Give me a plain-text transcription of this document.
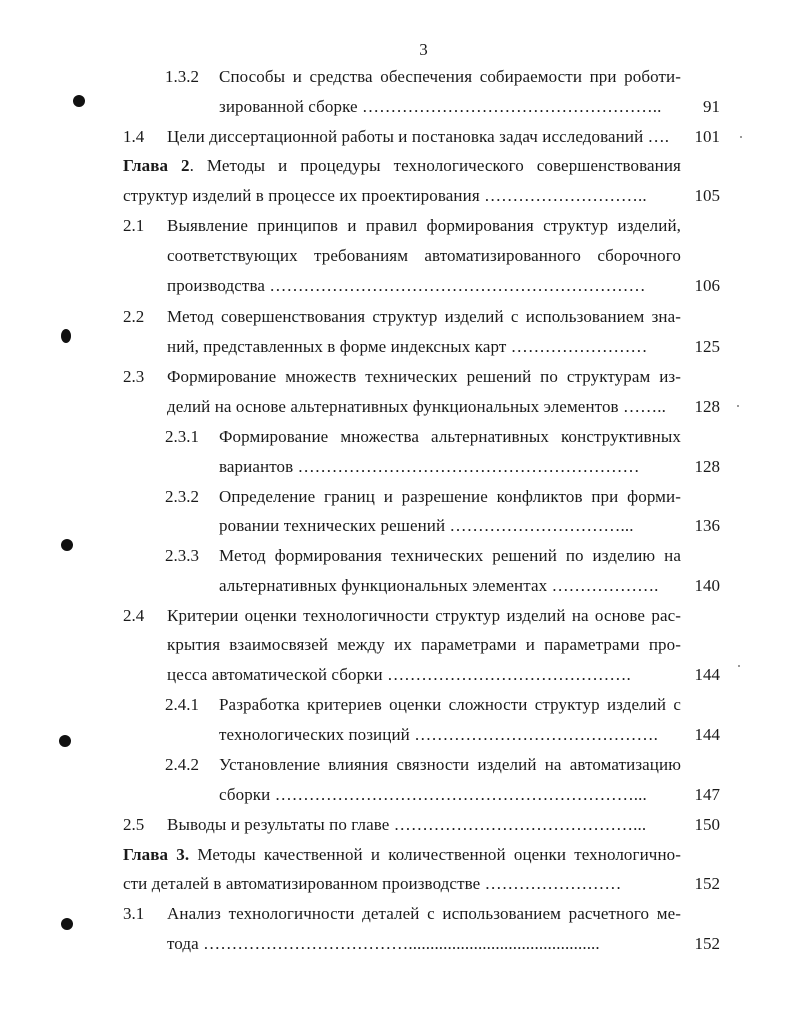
3
1.3.2 Способы и средства обеспечения собираемости при роботи-
зированной сборке ……………………………………………..	91
1.4 Цели диссертационной работы и постановка задач исследований ….	101
Глава 2. Методы и процедуры технологического совершенствования
структур изделий в процессе их проектирования ………………………..	105
2.1 Выявление принципов и правил формирования структур изделий,
соответствующих требованиям автоматизированного сборочного
производства …………………………………………………………	106
2.2 Метод совершенствования структур изделий с использованием зна-
ний, представленных в форме индексных карт ……………………	125
2.3 Формирование множеств технических решений по структурам из-
делий на основе альтернативных функциональных элементов ……..	128
2.3.1 Формирование множества альтернативных конструктивных
вариантов ……………………………………………………	128
2.3.2 Определение границ и разрешение конфликтов при форми-
ровании технических решений …………………………...	136
2.3.3 Метод формирования технических решений по изделию на
альтернативных функциональных элементах ……………….	140
2.4 Критерии оценки технологичности структур изделий на основе рас-
крытия взаимосвязей между их параметрами и параметрами про-
цесса автоматической сборки …………………………………….	144
2.4.1 Разработка критериев оценки сложности структур изделий с
технологических позиций …………………………………….	144
2.4.2 Установление влияния связности изделий на автоматизацию
сборки ………………………………………………………...	147
2.5 Выводы и результаты по главе ……………………………………...	150
Глава 3. Методы качественной и количественной оценки технологично-
сти деталей в автоматизированном производстве ……………………	152
3.1 Анализ технологичности деталей с использованием расчетного ме-
тода ………………………………............................................	152
